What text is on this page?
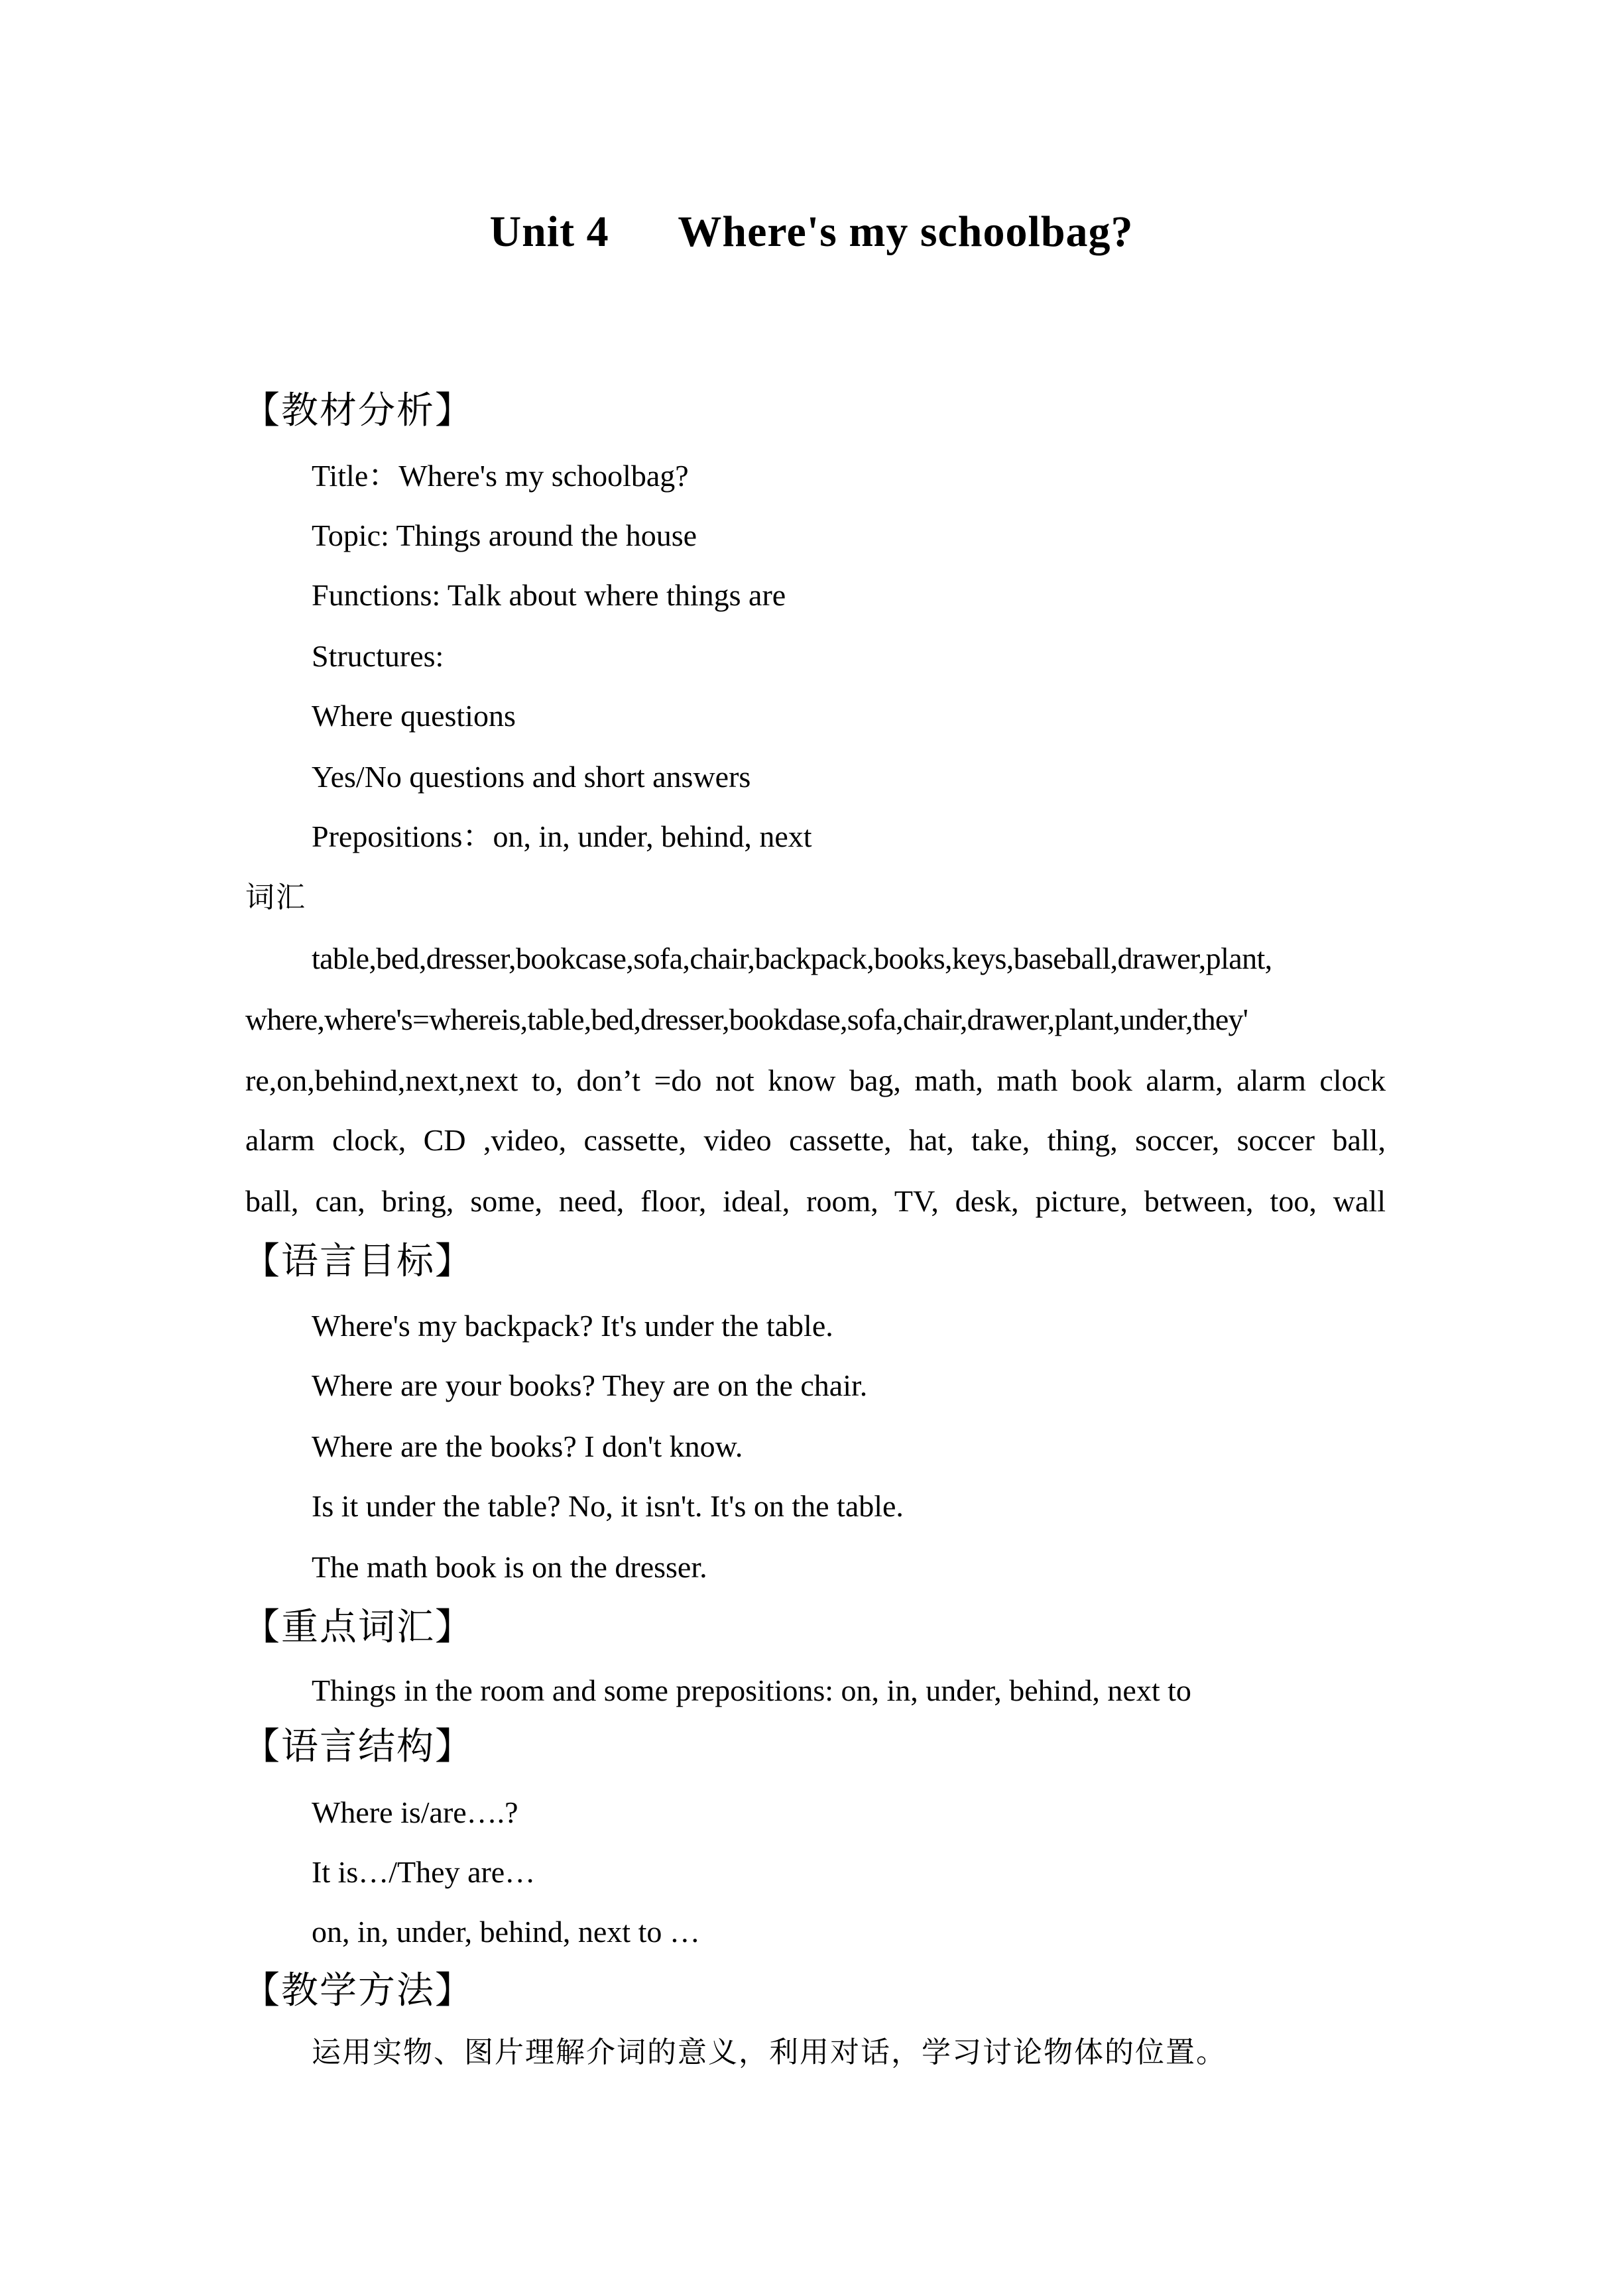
Unit 4      Where's my schoolbag?
【教材分析】
Title：Where's my schoolbag?
Topic: Things around the house
Functions: Talk about where things are
Structures:
Where questions
Yes/No questions and short answers
Prepositions：on, in, under, behind, next
词汇
table,bed,dresser,bookcase,sofa,chair,backpack,books,keys,baseball,drawer,plant,
where,where's=whereis,table,bed,dresser,bookdase,sofa,chair,drawer,plant,under,they'
re,on,behind,next,next to, don’t =do not know bag, math, math book alarm, alarm clock
alarm clock, CD ,video, cassette, video cassette, hat, take, thing, soccer, soccer ball,
ball, can, bring, some, need, floor, ideal, room, TV, desk, picture, between, too, wall
【语言目标】
Where's my backpack? It's under the table.
Where are your books? They are on the chair.
Where are the books? I don't know.
Is it under the table? No, it isn't. It's on the table.
The math book is on the dresser.
【重点词汇】
Things in the room and some prepositions: on, in, under, behind, next to
【语言结构】
Where is/are….?
It is…/They are…
on, in, under, behind, next to …
【教学方法】
运用实物、图片理解介词的意义，利用对话，学习讨论物体的位置。
